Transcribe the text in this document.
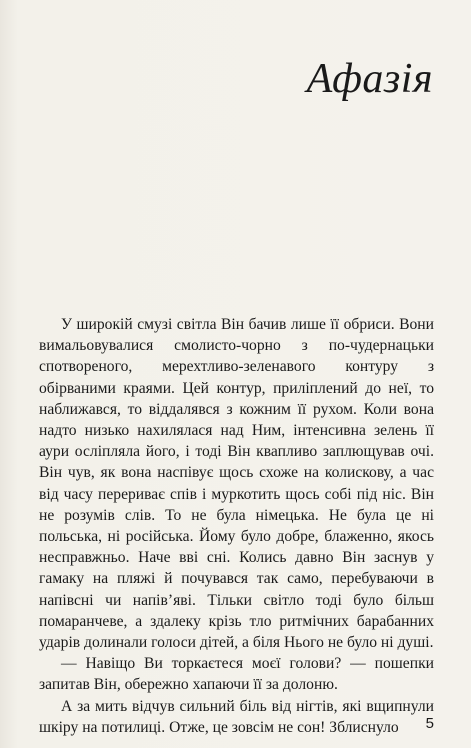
Афазія

У широкій смузі світла Він бачив лише її обриси. Вони вимальовувалися смолисто-чорно з по-чудернацьки спотвореного, мерехтливо-зеленавого контуру з обірваними краями. Цей контур, приліплений до неї, то наближався, то віддалявся з кожним її рухом. Коли вона надто низько нахилялася над Ним, інтенсивна зелень її аури осліпляла його, і тоді Він квапливо заплющував очі. Він чув, як вона наспівує щось схоже на колискову, а час від часу перериває спів і муркотить щось собі під ніс. Він не розумів слів. То не була німецька. Не була це ні польська, ні російська. Йому було добре, блаженно, якось несправжньо. Наче вві сні. Колись давно Він заснув у гамаку на пляжі й почувався так само, перебуваючи в напівсні чи напів’яві. Тільки світло тоді було більш помаранчеве, а здалеку крізь тло ритмічних барабанних ударів долинали голоси дітей, а біля Нього не було ні душі.

— Навіщо Ви торкаєтеся моєї голови? — пошепки запитав Він, обережно хапаючи її за долоню.

А за мить відчув сильний біль від нігтів, які вщипнули шкіру на потилиці. Отже, це зовсім не сон! Зблиснуло	5
